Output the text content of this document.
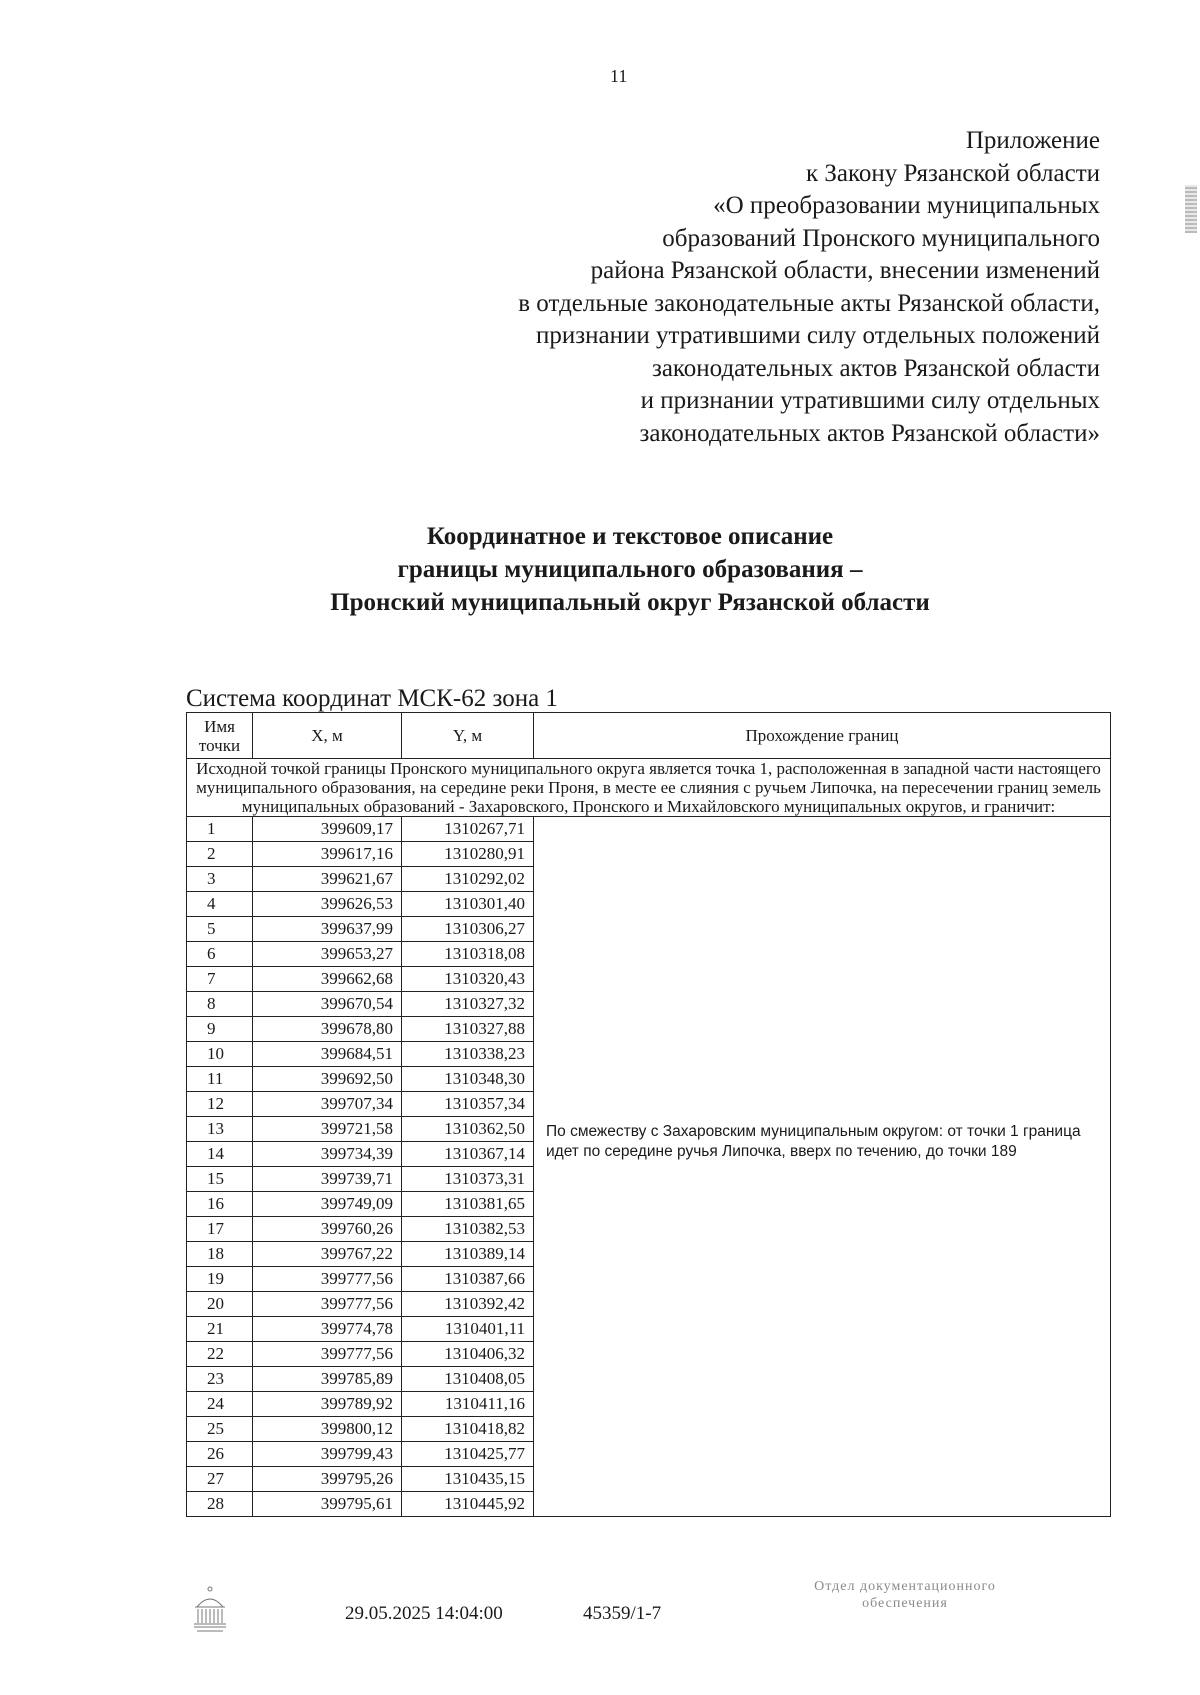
11
Приложение
к Закону Рязанской области
«О преобразовании муниципальных
образований Пронского муниципального
района Рязанской области, внесении изменений
в отдельные законодательные акты Рязанской области,
признании утратившими силу отдельных положений
законодательных актов Рязанской области
и признании утратившими силу отдельных
законодательных актов Рязанской области»
Координатное и текстовое описание
границы муниципального образования –
Пронский муниципальный округ Рязанской области
Система координат МСК-62 зона 1
Имя точки	X, м	Y, м	Прохождение границ
Исходной точкой границы Пронского муниципального округа является точка 1, расположенная в западной части настоящего муниципального образования, на середине реки Проня, в месте ее слияния с ручьем Липочка, на пересечении границ земель муниципальных образований - Захаровского, Пронского и Михайловского муниципальных округов, и граничит:			
1	399609,17	1310267,71	По смежеству с Захаровским муниципальным округом: от точки 1 граница идет по середине ручья Липочка, вверх по течению, до точки 189
2	399617,16	1310280,91	
3	399621,67	1310292,02	
4	399626,53	1310301,40	
5	399637,99	1310306,27	
6	399653,27	1310318,08	
7	399662,68	1310320,43	
8	399670,54	1310327,32	
9	399678,80	1310327,88	
10	399684,51	1310338,23	
11	399692,50	1310348,30	
12	399707,34	1310357,34	
13	399721,58	1310362,50	
14	399734,39	1310367,14	
15	399739,71	1310373,31	
16	399749,09	1310381,65	
17	399760,26	1310382,53	
18	399767,22	1310389,14	
19	399777,56	1310387,66	
20	399777,56	1310392,42	
21	399774,78	1310401,11	
22	399777,56	1310406,32	
23	399785,89	1310408,05	
24	399789,92	1310411,16	
25	399800,12	1310418,82	
26	399799,43	1310425,77	
27	399795,26	1310435,15	
28	399795,61	1310445,92	
29.05.2025 14:04:00	45359/1-7
Отдел документационного
обеспечения
